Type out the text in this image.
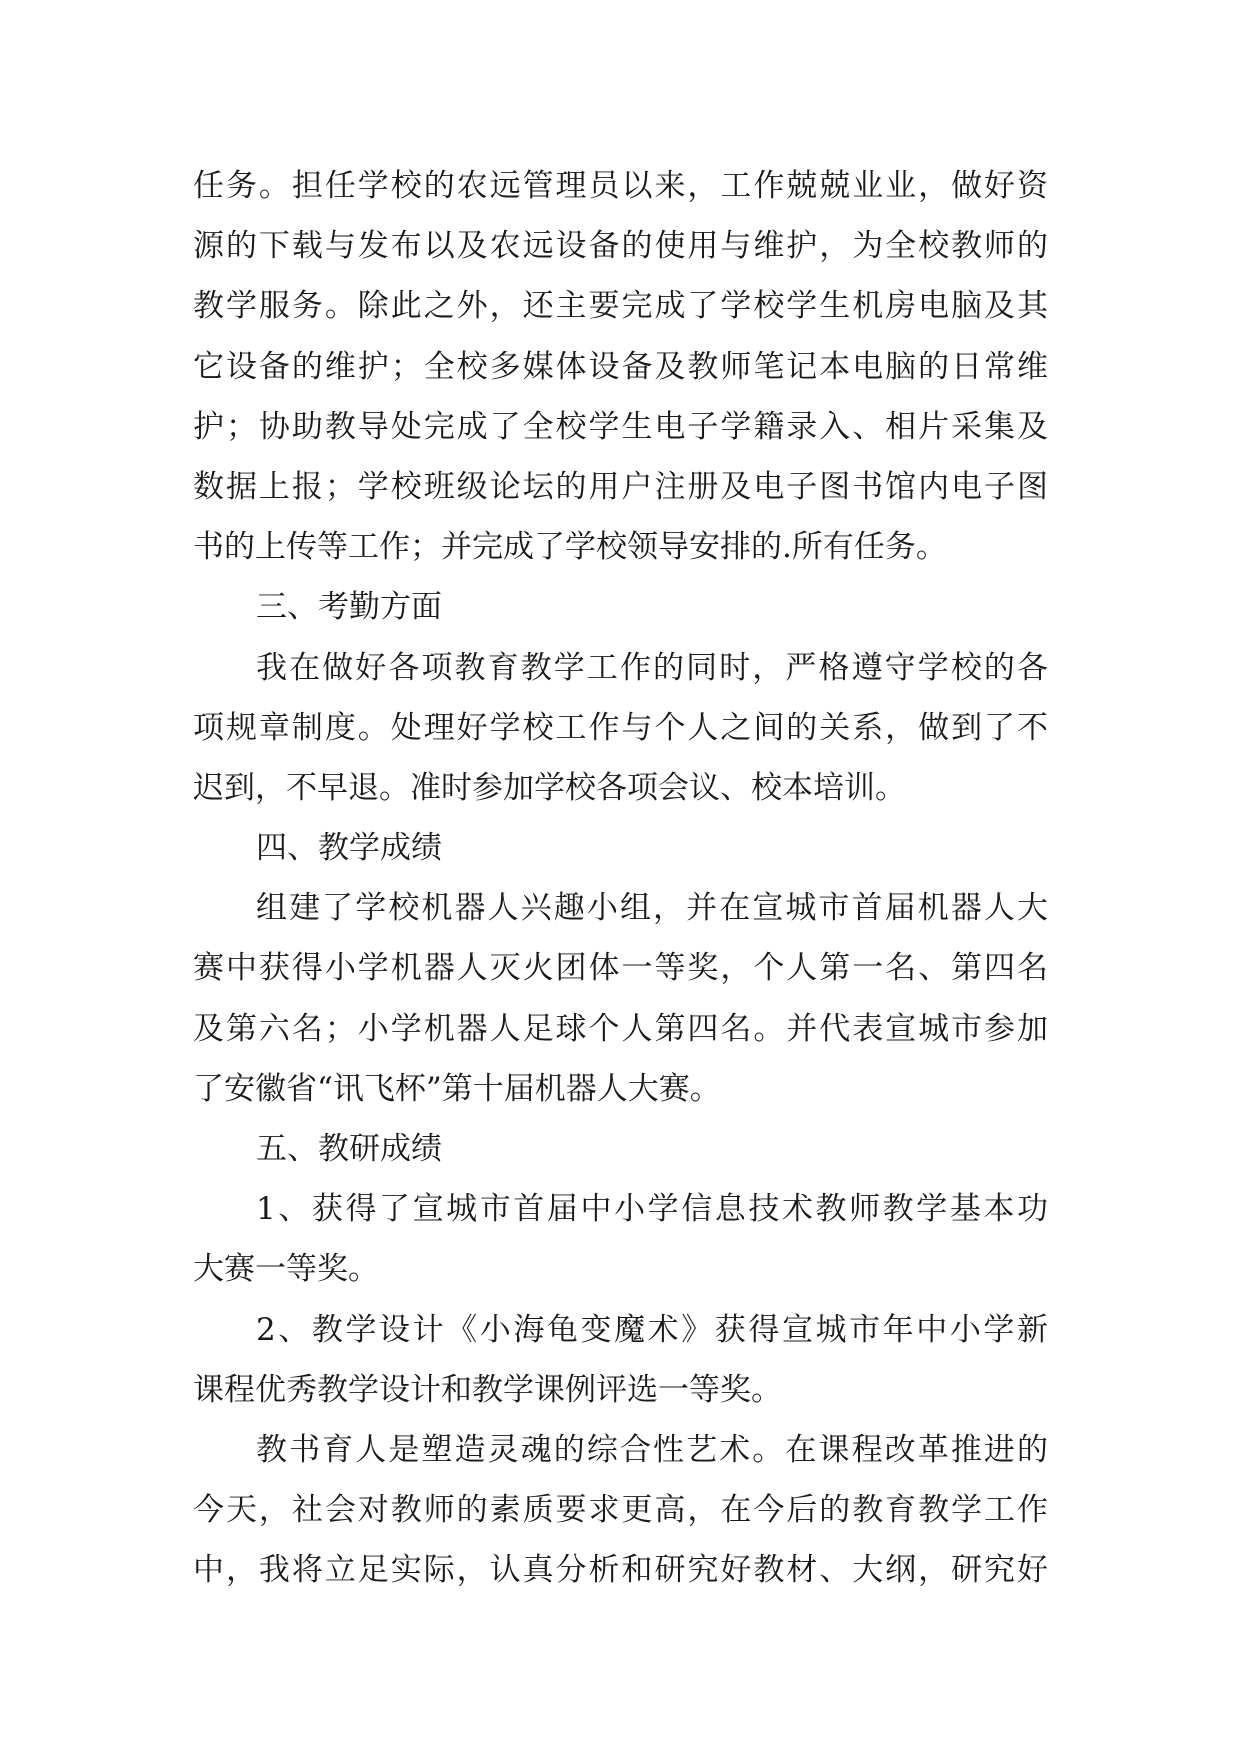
任务。担任学校的农远管理员以来，工作兢兢业业，做好资
源的下载与发布以及农远设备的使用与维护，为全校教师的
教学服务。除此之外，还主要完成了学校学生机房电脑及其
它设备的维护；全校多媒体设备及教师笔记本电脑的日常维
护；协助教导处完成了全校学生电子学籍录入、相片采集及
数据上报；学校班级论坛的用户注册及电子图书馆内电子图
书的上传等工作；并完成了学校领导安排的.所有任务。
三、考勤方面
我在做好各项教育教学工作的同时，严格遵守学校的各
项规章制度。处理好学校工作与个人之间的关系，做到了不
迟到，不早退。准时参加学校各项会议、校本培训。
四、教学成绩
组建了学校机器人兴趣小组，并在宣城市首届机器人大
赛中获得小学机器人灭火团体一等奖，个人第一名、第四名
及第六名；小学机器人足球个人第四名。并代表宣城市参加
了安徽省“讯飞杯”第十届机器人大赛。
五、教研成绩
1、获得了宣城市首届中小学信息技术教师教学基本功
大赛一等奖。
2、教学设计《小海龟变魔术》获得宣城市年中小学新
课程优秀教学设计和教学课例评选一等奖。
教书育人是塑造灵魂的综合性艺术。在课程改革推进的
今天，社会对教师的素质要求更高，在今后的教育教学工作
中，我将立足实际，认真分析和研究好教材、大纲，研究好
